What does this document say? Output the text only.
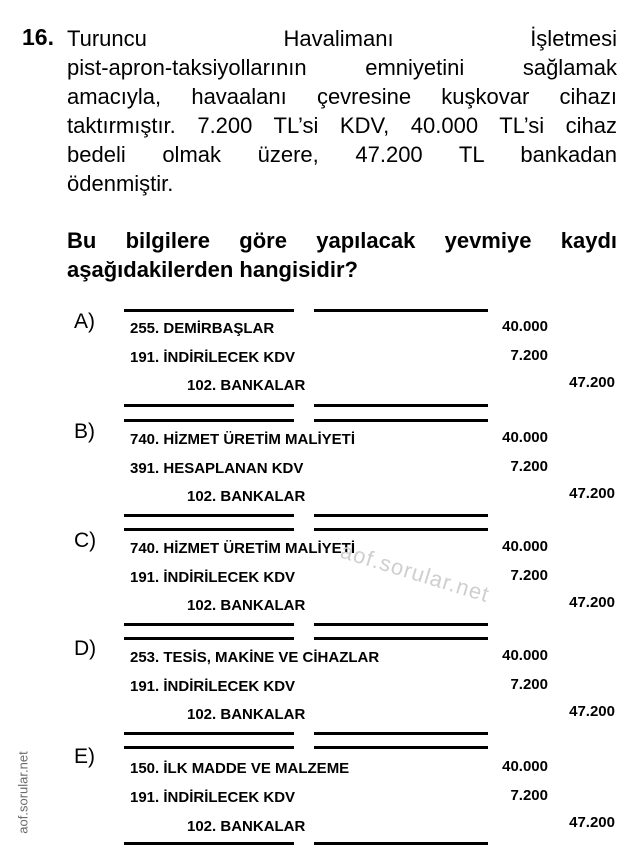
16. Turuncu Havalimanı İşletmesi
pist-apron-taksiyollarının emniyetini sağlamak
amacıyla, havaalanı çevresine kuşkovar cihazı
taktırmıştır. 7.200 TL’si KDV, 40.000 TL’si cihaz
bedeli olmak üzere, 47.200 TL bankadan
ödenmiştir.
Bu bilgilere göre yapılacak yevmiye kaydı
aşağıdakilerden hangisidir?
A) 255. DEMİRBAŞLAR	40.000
191. İNDİRİLECEK KDV	7.200
102. BANKALAR	47.200
B) 740. HİZMET ÜRETİM MALİYETİ	40.000
391. HESAPLANAN KDV	7.200
102. BANKALAR	47.200
C) 740. HİZMET ÜRETİM MALİYETİ	40.000
191. İNDİRİLECEK KDV	7.200
102. BANKALAR	47.200
D) 253. TESİS, MAKİNE VE CİHAZLAR	40.000
191. İNDİRİLECEK KDV	7.200
102. BANKALAR	47.200
E)
150. İLK MADDE VE MALZEME	40.000
191. İNDİRİLECEK KDV	7.200
102. BANKALAR	47.200
aof.sorular.net
aof.sorular.net
